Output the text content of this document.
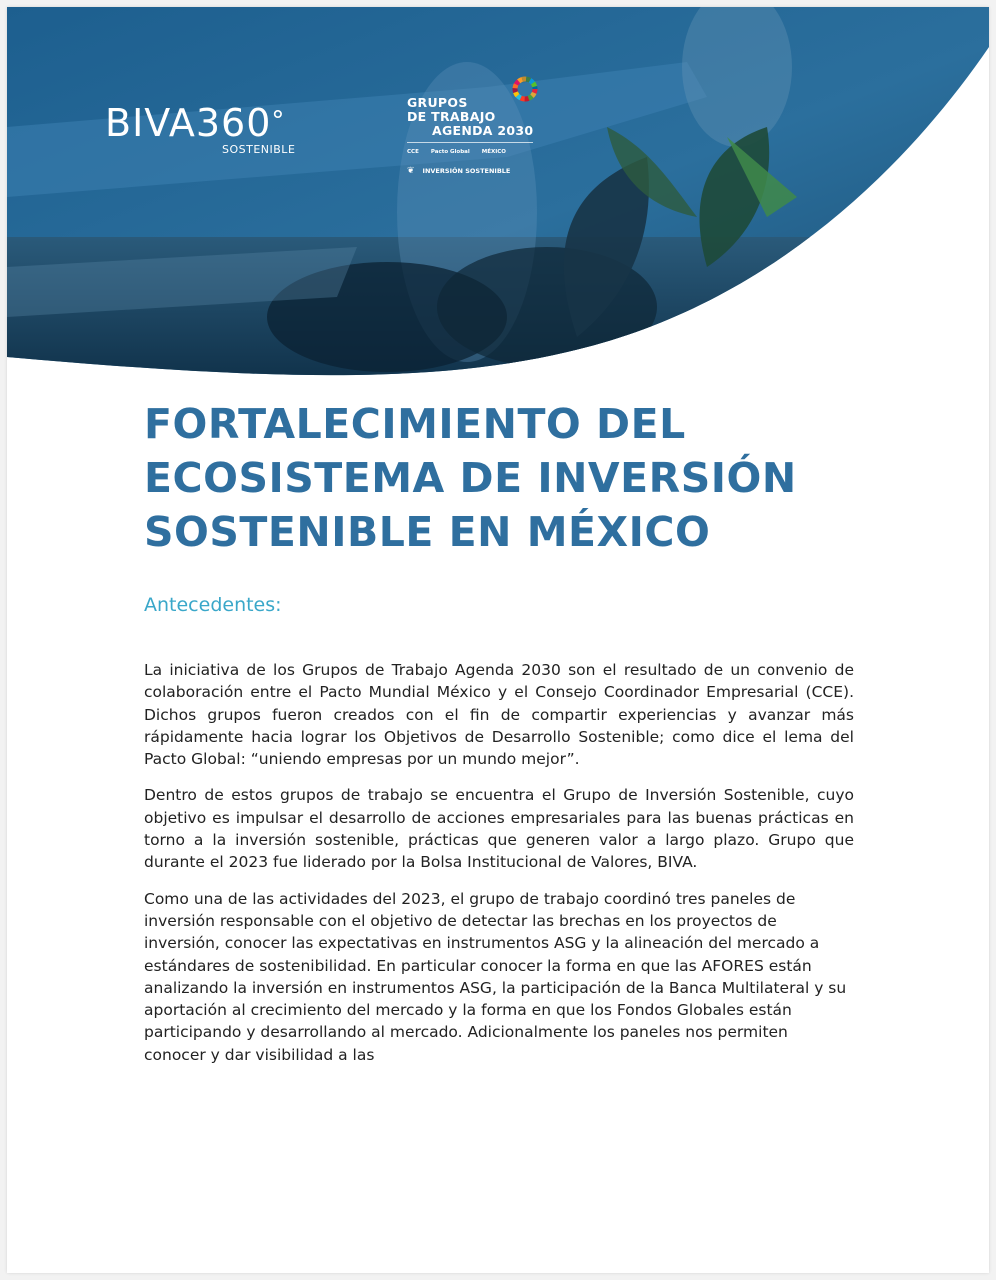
BIVA360°
SOSTENIBLE
GRUPOS
DE TRABAJO
AGENDA 2030
CCE Pacto Global MÉXICO
❦ INVERSIÓN SOSTENIBLE
FORTALECIMIENTO DEL
ECOSISTEMA DE INVERSIÓN
SOSTENIBLE EN MÉXICO
Antecedentes:

La iniciativa de los Grupos de Trabajo Agenda 2030 son el resultado de un convenio de colaboración entre el Pacto Mundial México y el Consejo Coordinador Empresarial (CCE). Dichos grupos fueron creados con el fin de compartir experiencias y avanzar más rápidamente hacia lograr los Objetivos de Desarrollo Sostenible; como dice el lema del Pacto Global: “uniendo empresas por un mundo mejor”.

Dentro de estos grupos de trabajo se encuentra el Grupo de Inversión Sostenible, cuyo objetivo es impulsar el desarrollo de acciones empresariales para las buenas prácticas en torno a la inversión sostenible, prácticas que generen valor a largo plazo. Grupo que durante el 2023 fue liderado por la Bolsa Institucional de Valores, BIVA.

Como una de las actividades del 2023, el grupo de trabajo coordinó tres paneles de inversión responsable con el objetivo de detectar las brechas en los proyectos de inversión, conocer las expectativas en instrumentos ASG y la alineación del mercado a estándares de sostenibilidad. En particular conocer la forma en que las AFORES están analizando la inversión en instrumentos ASG, la participación de la Banca Multilateral y su aportación al crecimiento del mercado y la forma en que los Fondos Globales están participando y desarrollando al mercado. Adicionalmente los paneles nos permiten conocer y dar visibilidad a las
